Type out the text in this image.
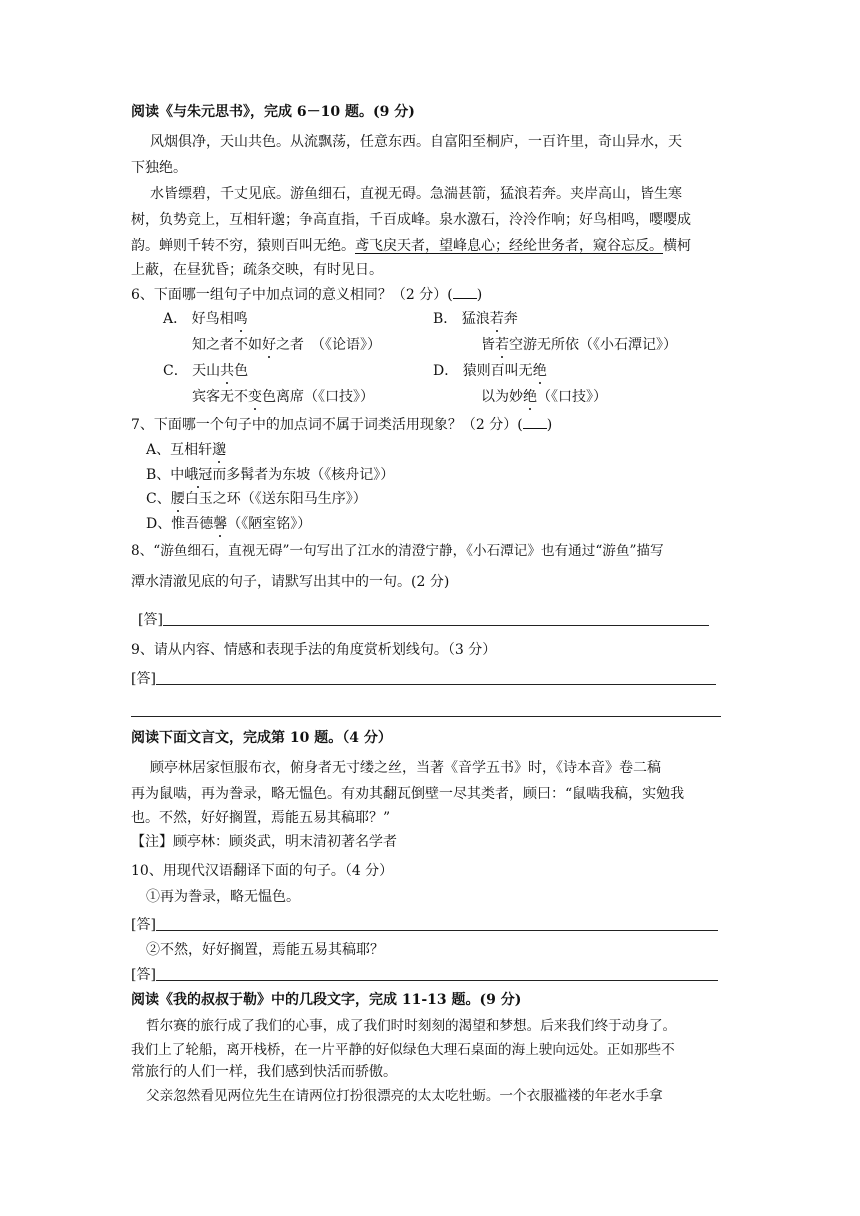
阅读《与朱元思书》，完成 6－10 题。(9 分)
风烟俱净，天山共色。从流飘荡，任意东西。自富阳至桐庐，一百许里，奇山异水，天
下独绝。
水皆缥碧，千丈见底。游鱼细石，直视无碍。急湍甚箭，猛浪若奔。夹岸高山，皆生寒
树，负势竞上，互相轩邈；争高直指，千百成峰。泉水激石，泠泠作响；好鸟相鸣，嘤嘤成
韵。蝉则千转不穷，猿则百叫无绝。鸢飞戾天者，望峰息心；经纶世务者，窥谷忘反。横柯
上蔽，在昼犹昏；疏条交映，有时见日。
6、下面哪一组句子中加点词的意义相同？（2 分）( )
A． 好鸟相鸣
知之者不如好之者　（《论语》）
B． 猛浪若奔
皆若空游无所依（《小石潭记》）
C． 天山共色
宾客无不变色离席（《口技》）
D． 猿则百叫无绝
以为妙绝（《口技》）
7、下面哪一个句子中的加点词不属于词类活用现象？（2 分）( )
A、互相轩邈
B、中峨冠而多髯者为东坡（《核舟记》）
C、腰白玉之环（《送东阳马生序》）
D、惟吾德馨（《陋室铭》）
8、“游鱼细石，直视无碍”一句写出了江水的清澄宁静，《小石潭记》也有通过“游鱼”描写
潭水清澈见底的句子，请默写出其中的一句。(2 分)
[答]
9、请从内容、情感和表现手法的角度赏析划线句。（3 分）
[答]
阅读下面文言文，完成第 10 题。（4 分）
顾亭林居家恒服布衣，俯身者无寸缕之丝，当著《音学五书》时，《诗本音》卷二稿
再为鼠啮，再为誊录，略无愠色。有劝其翻瓦倒壁一尽其类者，顾曰：“鼠啮我稿，实勉我
也。不然，好好搁置，焉能五易其稿耶？”
【注】顾亭林：顾炎武，明末清初著名学者
10、用现代汉语翻译下面的句子。（4 分）
①再为誊录，略无愠色。
[答]
②不然，好好搁置，焉能五易其稿耶？
[答]
阅读《我的叔叔于勒》中的几段文字，完成 11-13 题。(9 分)
哲尔赛的旅行成了我们的心事，成了我们时时刻刻的渴望和梦想。后来我们终于动身了。
我们上了轮船，离开栈桥，在一片平静的好似绿色大理石桌面的海上驶向远处。正如那些不
常旅行的人们一样，我们感到快活而骄傲。
父亲忽然看见两位先生在请两位打扮很漂亮的太太吃牡蛎。一个衣服褴褛的年老水手拿
